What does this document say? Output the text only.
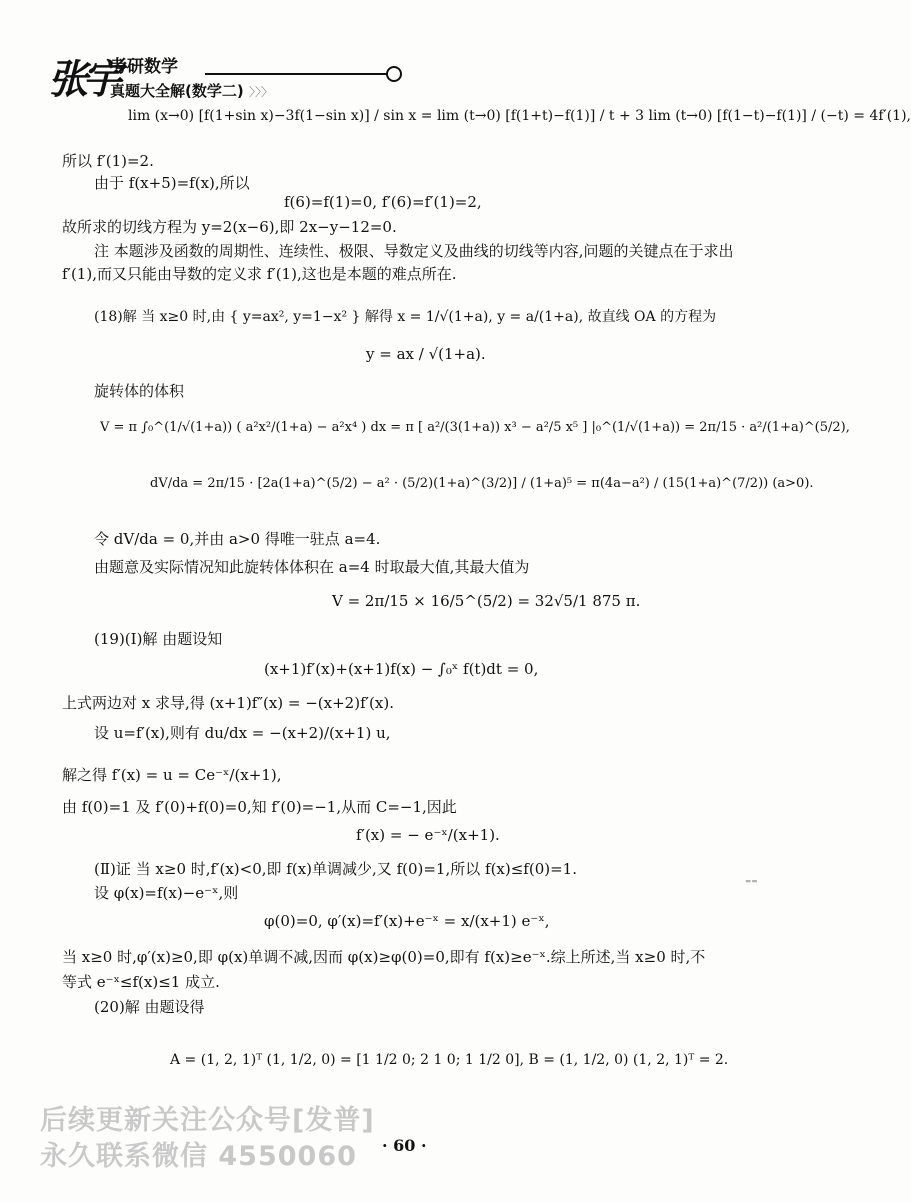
张宇
考研数学
真题大全解(数学二) 〉〉〉
lim (x→0) [f(1+sin x)−3f(1−sin x)] / sin x = lim (t→0) [f(1+t)−f(1)] / t + 3 lim (t→0) [f(1−t)−f(1)] / (−t) = 4f′(1),
所以 f′(1)=2.
由于 f(x+5)=f(x),所以
f(6)=f(1)=0, f′(6)=f′(1)=2,
故所求的切线方程为 y=2(x−6),即 2x−y−12=0.
注 本题涉及函数的周期性、连续性、极限、导数定义及曲线的切线等内容,问题的关键点在于求出
f′(1),而又只能由导数的定义求 f′(1),这也是本题的难点所在.
(18)解 当 x≥0 时,由 { y=ax², y=1−x² } 解得 x = 1/√(1+a), y = a/(1+a), 故直线 OA 的方程为
y = ax / √(1+a).
旋转体的体积
V = π ∫₀^(1/√(1+a)) ( a²x²/(1+a) − a²x⁴ ) dx = π [ a²/(3(1+a)) x³ − a²/5 x⁵ ] |₀^(1/√(1+a)) = 2π/15 · a²/(1+a)^(5/2),
dV/da = 2π/15 · [2a(1+a)^(5/2) − a² · (5/2)(1+a)^(3/2)] / (1+a)⁵ = π(4a−a²) / (15(1+a)^(7/2)) (a>0).
令 dV/da = 0,并由 a>0 得唯一驻点 a=4.
由题意及实际情况知此旋转体体积在 a=4 时取最大值,其最大值为
V = 2π/15 × 16/5^(5/2) = 32√5/1 875 π.
(19)(Ⅰ)解 由题设知
(x+1)f′(x)+(x+1)f(x) − ∫₀ˣ f(t)dt = 0,
上式两边对 x 求导,得 (x+1)f″(x) = −(x+2)f′(x).
设 u=f′(x),则有 du/dx = −(x+2)/(x+1) u,
解之得 f′(x) = u = Ce⁻ˣ/(x+1),
由 f(0)=1 及 f′(0)+f(0)=0,知 f′(0)=−1,从而 C=−1,因此
f′(x) = − e⁻ˣ/(x+1).
(Ⅱ)证 当 x≥0 时,f′(x)<0,即 f(x)单调减少,又 f(0)=1,所以 f(x)≤f(0)=1.
设 φ(x)=f(x)−e⁻ˣ,则
φ(0)=0, φ′(x)=f′(x)+e⁻ˣ = x/(x+1) e⁻ˣ,
当 x≥0 时,φ′(x)≥0,即 φ(x)单调不减,因而 φ(x)≥φ(0)=0,即有 f(x)≥e⁻ˣ.综上所述,当 x≥0 时,不
等式 e⁻ˣ≤f(x)≤1 成立.
(20)解 由题设得
A = (1, 2, 1)ᵀ (1, 1/2, 0) = [1 1/2 0; 2 1 0; 1 1/2 0], B = (1, 1/2, 0) (1, 2, 1)ᵀ = 2.
⁼⁼
后续更新关注公众号[发普]
永久联系微信 4550060 · 60 ·
